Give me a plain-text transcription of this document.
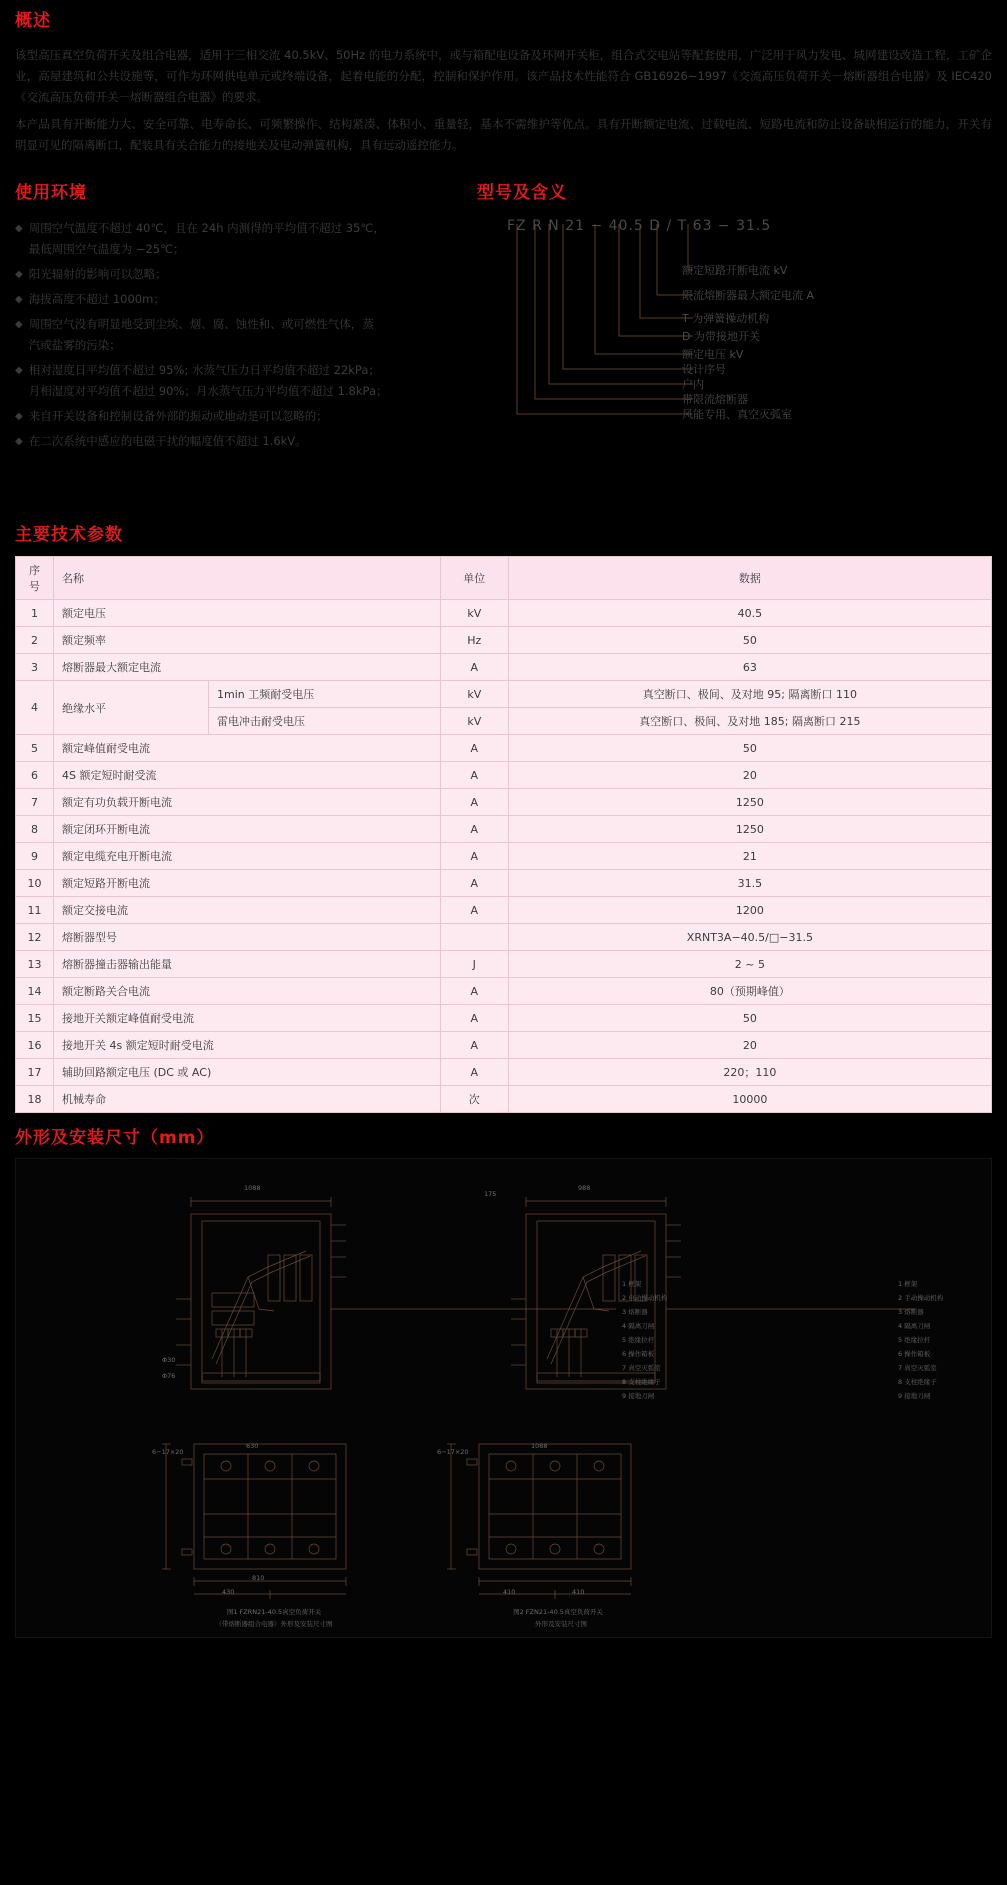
概述

该型高压真空负荷开关及组合电器，适用于三相交流 40.5kV、50Hz 的电力系统中，或与箱配电设备及环网开关柜，组合式交电站等配套使用，广泛用于风力发电、城网建设改造工程，工矿企业，高屋建筑和公共设施等，可作为环网供电单元或终端设备，起着电能的分配，控制和保护作用。该产品技术性能符合 GB16926−1997《交流高压负荷开关－熔断器组合电器》及 IEC420《交流高压负荷开关－熔断器组合电器》的要求。

本产品具有开断能力大、安全可靠、电寿命长、可频繁操作、结构紧凑、体积小、重量轻，基本不需维护等优点。具有开断额定电流、过载电流、短路电流和防止设备缺相运行的能力，开关有明显可见的隔离断口，配装具有关合能力的接地关及电动弹簧机构，具有远动遥控能力。

使用环境
◆ 周围空气温度不超过 40℃，且在 24h 内测得的平均值不超过 35℃，
最低周围空气温度为 −25℃；
◆ 阳光辐射的影响可以忽略；
◆ 海拔高度不超过 1000m；
◆ 周围空气没有明显地受到尘埃、烟、腐、蚀性和、或可燃性气体，蒸
汽或盐雾的污染；
◆ 相对湿度日平均值不超过 95%; 水蒸气压力日平均值不超过 22kPa；
月相湿度对平均值不超过 90%；月水蒸气压力平均值不超过 1.8kPa；
◆ 来自开关设备和控制设备外部的振动或地动是可以忽略的；
◆ 在二次系统中感应的电磁干扰的幅度值不超过 1.6kV。
型号及含义
FZ R N 21 − 40.5 D / T 63 − 31.5
额定短路开断电流 kV
限流熔断器最大额定电流 A
T 为弹簧操动机构
D 为带接地开关
额定电压 kV
设计序号
户内
带限流熔断器
风能专用、真空灭弧室
主要技术参数
序号	名称		单位	数据
1	额定电压		kV	40.5
2	额定频率		Hz	50
3	熔断器最大额定电流		A	63
4	绝缘水平	1min 工频耐受电压	kV	真空断口、极间、及对地 95; 隔离断口 110
		雷电冲击耐受电压	kV	真空断口、极间、及对地 185; 隔离断口 215
5	额定峰值耐受电流		A	50
6	4S 额定短时耐受流		A	20
7	额定有功负载开断电流		A	1250
8	额定闭环开断电流		A	1250
9	额定电缆充电开断电流		A	21
10	额定短路开断电流		A	31.5
11	额定交接电流		A	1200
12	熔断器型号			XRNT3A−40.5/□−31.5
13	熔断器撞击器输出能量		J	2 ~ 5
14	额定断路关合电流		A	80（预期峰值）
15	接地开关额定峰值耐受电流		A	50
16	接地开关 4s 额定短时耐受电流		A	20
17	辅助回路额定电压 (DC 或 AC)		A	220；110
18	机械寿命		次	10000
外形及安装尺寸（mm）
1088
630
6−17×20
Φ30
Φ76
810
430
988
1088
6−17×20
175
410	410
1 框架
2 电动操动机构
3 熔断器
4 隔离刀闸
5 绝缘拉杆
6 操作箱板
7 真空灭弧室
8 支柱绝缘子
9 接地刀闸
1 框架
2 手动操动机构
3 熔断器
4 隔离刀闸
5 绝缘拉杆
6 操作箱板
7 真空灭弧室
8 支柱绝缘子
9 接地刀闸
图1 FZRN21-40.5真空负荷开关
（带熔断器组合电器）外形及安装尺寸图
图2 FZN21-40.5真空负荷开关
外形及安装尺寸图
